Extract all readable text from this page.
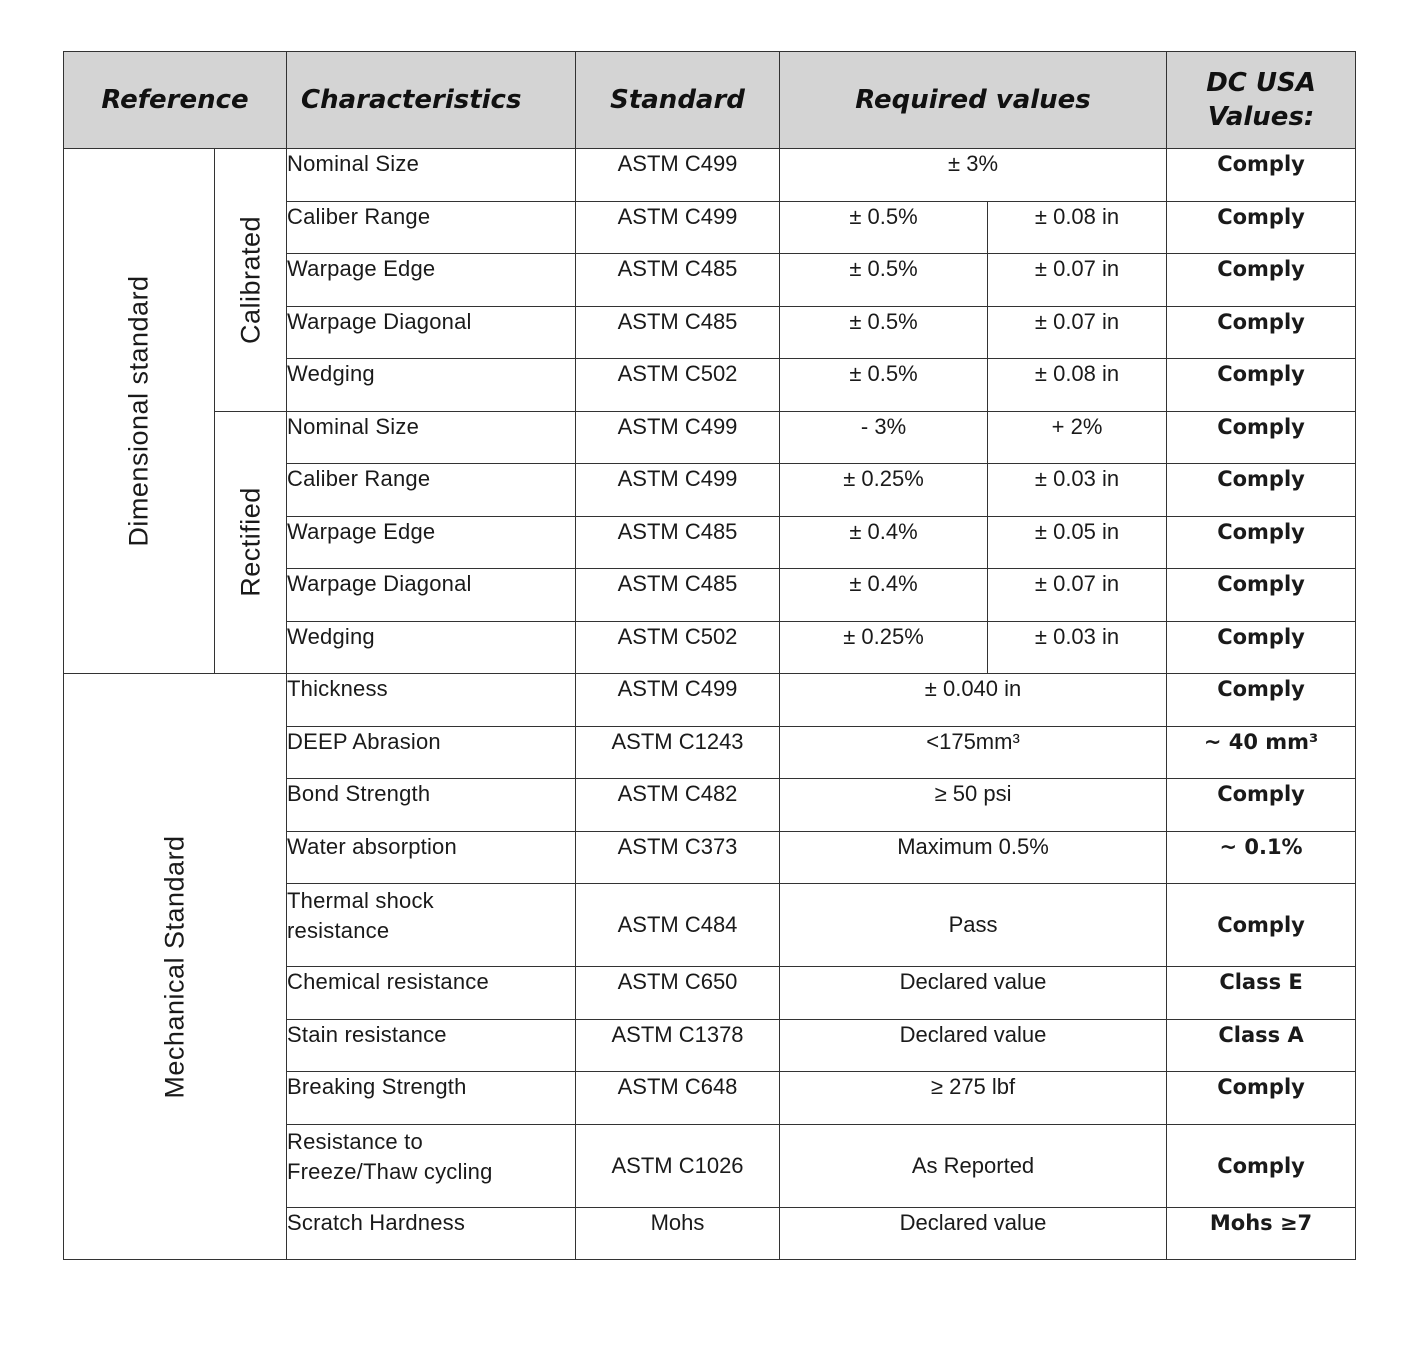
Reference		Characteristics	Standard	Required values		DC USA
Values:

Dimensional standard	Calibrated	Nominal Size	ASTM C499	± 3%		Comply
		Caliber Range	ASTM C499	± 0.5%	± 0.08 in	Comply
		Warpage Edge	ASTM C485	± 0.5%	± 0.07 in	Comply
		Warpage Diagonal	ASTM C485	± 0.5%	± 0.07 in	Comply
		Wedging	ASTM C502	± 0.5%	± 0.08 in	Comply

	Rectified	Nominal Size	ASTM C499	- 3%	+ 2%	Comply
		Caliber Range	ASTM C499	± 0.25%	± 0.03 in	Comply
		Warpage Edge	ASTM C485	± 0.4%	± 0.05 in	Comply
		Warpage Diagonal	ASTM C485	± 0.4%	± 0.07 in	Comply
		Wedging	ASTM C502	± 0.25%	± 0.03 in	Comply

Mechanical Standard		Thickness	ASTM C499	± 0.040 in		Comply
		DEEP Abrasion	ASTM C1243	<175mm³		~ 40 mm³
		Bond Strength	ASTM C482	≥ 50 psi		Comply
		Water absorption	ASTM C373	Maximum 0.5%		~ 0.1%
		Thermal shock
resistance	ASTM C484	Pass		Comply
		Chemical resistance	ASTM C650	Declared value		Class E
		Stain resistance	ASTM C1378	Declared value		Class A
		Breaking Strength	ASTM C648	≥ 275 lbf		Comply
		Resistance to
Freeze/Thaw cycling	ASTM C1026	As Reported		Comply
		Scratch Hardness	Mohs	Declared value		Mohs ≥7
